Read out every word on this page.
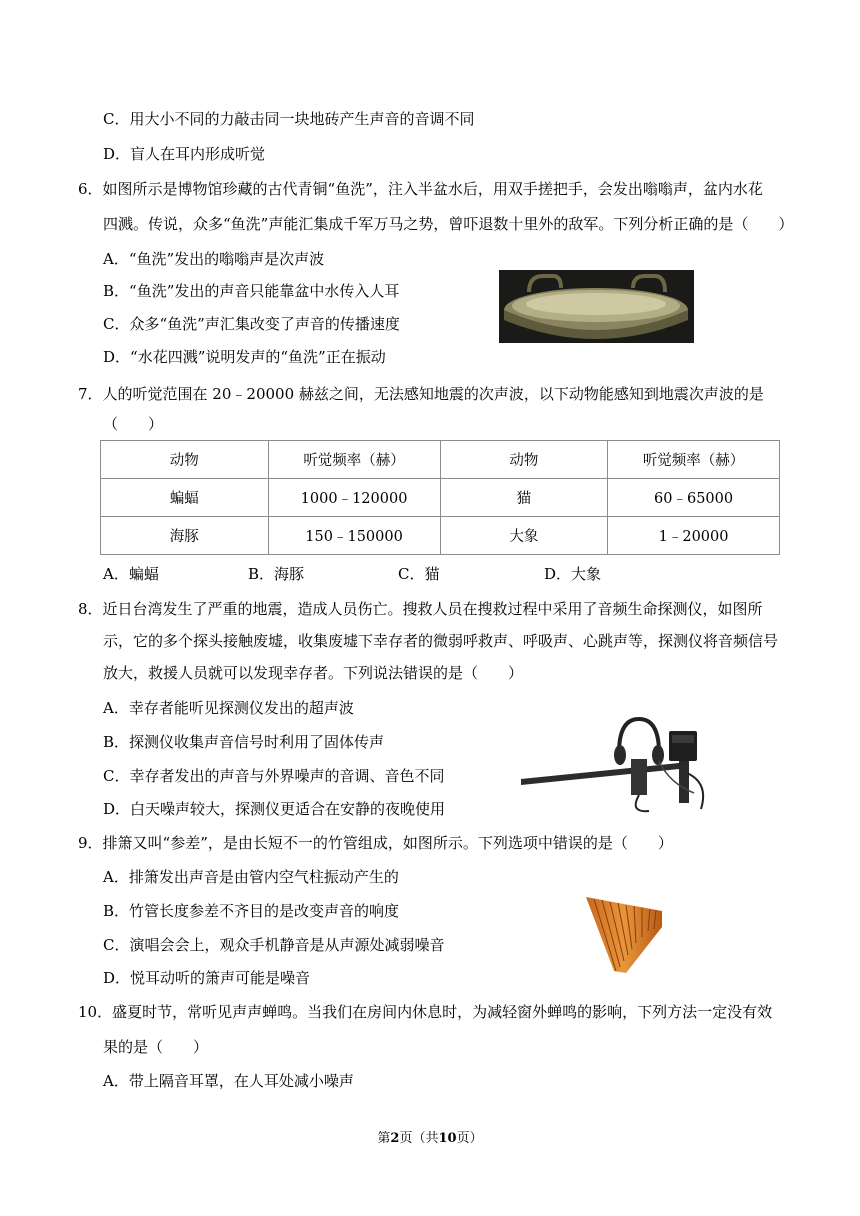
C．用大小不同的力敲击同一块地砖产生声音的音调不同
D．盲人在耳内形成听觉
6．如图所示是博物馆珍藏的古代青铜“鱼洗”，注入半盆水后，用双手搓把手，会发出嗡嗡声，盆内水花
四溅。传说，众多“鱼洗”声能汇集成千军万马之势，曾吓退数十里外的敌军。下列分析正确的是（　　）
A．“鱼洗”发出的嗡嗡声是次声波
B．“鱼洗”发出的声音只能靠盆中水传入人耳
C．众多“鱼洗”声汇集改变了声音的传播速度
D．“水花四溅”说明发声的“鱼洗”正在振动
7．人的听觉范围在 20﹣20000 赫兹之间，无法感知地震的次声波，以下动物能感知到地震次声波的是
（　　）
动物	听觉频率（赫）	动物	听觉频率（赫）
蝙蝠	1000﹣120000	猫	60﹣65000
海豚	150﹣150000	大象	1﹣20000
A．蝙蝠	B．海豚	C．猫	D．大象
8．近日台湾发生了严重的地震，造成人员伤亡。搜救人员在搜救过程中采用了音频生命探测仪，如图所
示，它的多个探头接触废墟，收集废墟下幸存者的微弱呼救声、呼吸声、心跳声等，探测仪将音频信号
放大，救援人员就可以发现幸存者。下列说法错误的是（　　）
A．幸存者能听见探测仪发出的超声波
B．探测仪收集声音信号时利用了固体传声
C．幸存者发出的声音与外界噪声的音调、音色不同
D．白天噪声较大，探测仪更适合在安静的夜晚使用
9．排箫又叫“参差”，是由长短不一的竹管组成，如图所示。下列选项中错误的是（　　）
A．排箫发出声音是由管内空气柱振动产生的
B．竹管长度参差不齐目的是改变声音的响度
C．演唱会会上，观众手机静音是从声源处减弱噪音
D．悦耳动听的箫声可能是噪音
10．盛夏时节，常听见声声蝉鸣。当我们在房间内休息时，为减轻窗外蝉鸣的影响，下列方法一定没有效
果的是（　　）
A．带上隔音耳罩，在人耳处减小噪声
第2页（共10页）
